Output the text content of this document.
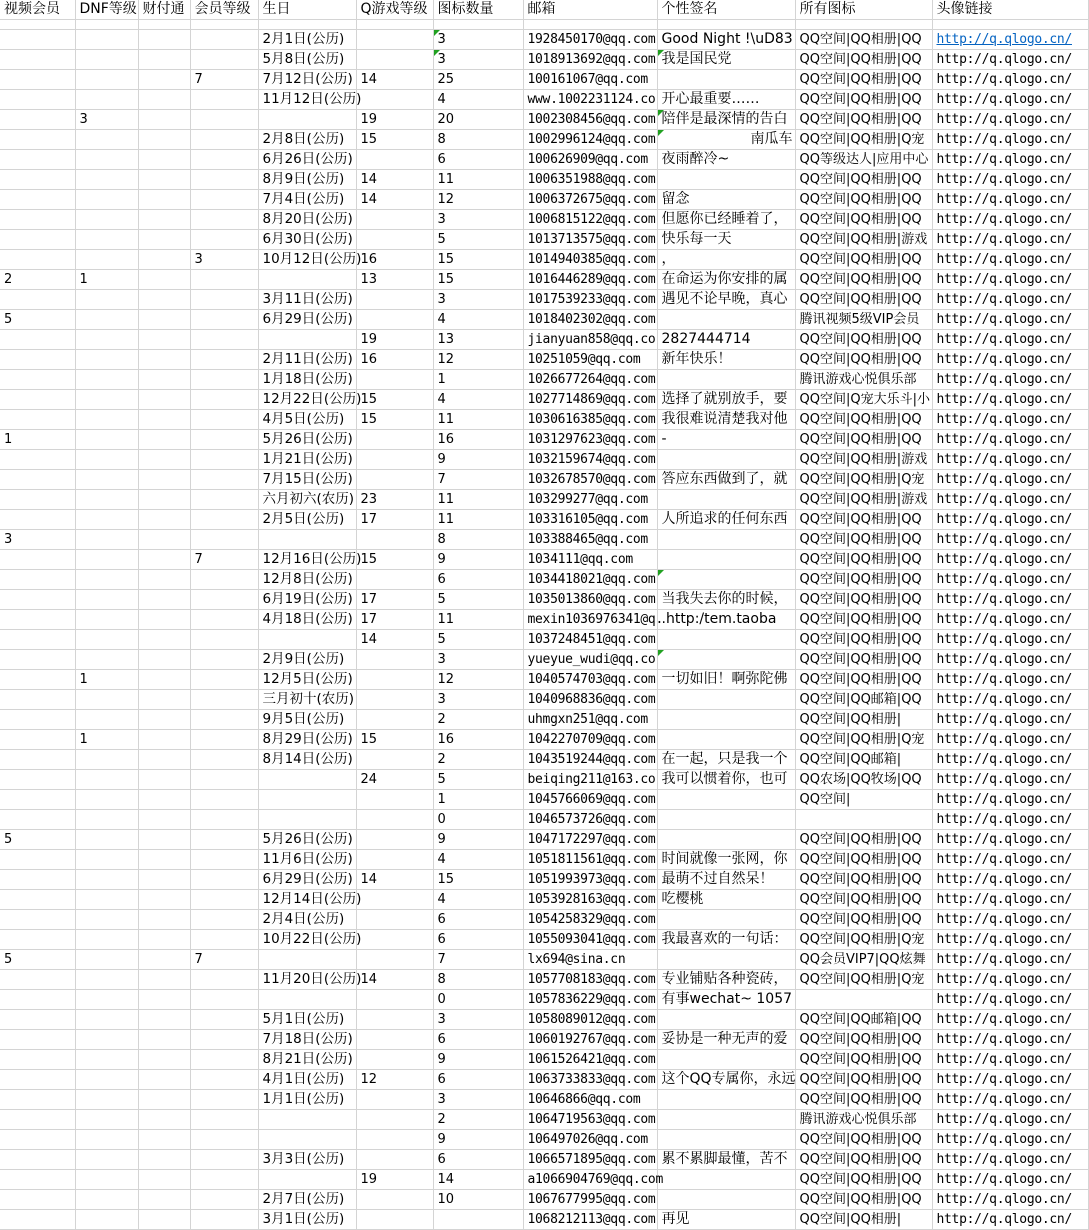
视频会员	DNF等级	财付通	会员等级	生日	Q游戏等级	图标数量	邮箱	个性签名	所有图标	头像链接

				2月1日(公历)		3	1928450170@qq.com	Good Night !\uD83	QQ空间|QQ相册|QQ	http://q.qlogo.cn/
				5月8日(公历)		3	1018913692@qq.com	我是国民党	QQ空间|QQ相册|QQ	http://q.qlogo.cn/
			7	7月12日(公历)	14	25	100161067@qq.com		QQ空间|QQ相册|QQ	http://q.qlogo.cn/
				11月12日(公历)		4	www.1002231124.co	开心最重要……	QQ空间|QQ相册|QQ	http://q.qlogo.cn/
	3				19	20	1002308456@qq.com	陪伴是最深情的告白	QQ空间|QQ相册|QQ	http://q.qlogo.cn/
				2月8日(公历)	15	8	1002996124@qq.com	南瓜车	QQ空间|QQ相册|Q宠	http://q.qlogo.cn/
				6月26日(公历)		6	100626909@qq.com	夜雨醉冷~	QQ等级达人|应用中心	http://q.qlogo.cn/
				8月9日(公历)	14	11	1006351988@qq.com		QQ空间|QQ相册|QQ	http://q.qlogo.cn/
				7月4日(公历)	14	12	1006372675@qq.com	留念	QQ空间|QQ相册|QQ	http://q.qlogo.cn/
				8月20日(公历)		3	1006815122@qq.com	但愿你已经睡着了，	QQ空间|QQ相册|QQ	http://q.qlogo.cn/
				6月30日(公历)		5	1013713575@qq.com	快乐每一天	QQ空间|QQ相册|游戏	http://q.qlogo.cn/
			3	10月12日(公历)	16	15	1014940385@qq.com	，	QQ空间|QQ相册|QQ	http://q.qlogo.cn/
2	1				13	15	1016446289@qq.com	在命运为你安排的属	QQ空间|QQ相册|QQ	http://q.qlogo.cn/
				3月11日(公历)		3	1017539233@qq.com	遇见不论早晚，真心	QQ空间|QQ相册|QQ	http://q.qlogo.cn/
5				6月29日(公历)		4	1018402302@qq.com		腾讯视频5级VIP会员	http://q.qlogo.cn/
					19	13	jianyuan858@qq.co	2827444714	QQ空间|QQ相册|QQ	http://q.qlogo.cn/
				2月11日(公历)	16	12	10251059@qq.com	新年快乐！	QQ空间|QQ相册|QQ	http://q.qlogo.cn/
				1月18日(公历)		1	1026677264@qq.com		腾讯游戏心悦俱乐部	http://q.qlogo.cn/
				12月22日(公历)	15	4	1027714869@qq.com	选择了就别放手，要	QQ空间|Q宠大乐斗|小	http://q.qlogo.cn/
				4月5日(公历)	15	11	1030616385@qq.com	我很难说清楚我对他	QQ空间|QQ相册|QQ	http://q.qlogo.cn/
1				5月26日(公历)		16	1031297623@qq.com	-	QQ空间|QQ相册|QQ	http://q.qlogo.cn/
				1月21日(公历)		9	1032159674@qq.com		QQ空间|QQ相册|游戏	http://q.qlogo.cn/
				7月15日(公历)		7	1032678570@qq.com	答应东西做到了，就	QQ空间|QQ相册|Q宠	http://q.qlogo.cn/
				六月初六(农历)	23	11	103299277@qq.com		QQ空间|QQ相册|游戏	http://q.qlogo.cn/
				2月5日(公历)	17	11	103316105@qq.com	人所追求的任何东西	QQ空间|QQ相册|QQ	http://q.qlogo.cn/
3						8	103388465@qq.com		QQ空间|QQ相册|QQ	http://q.qlogo.cn/
			7	12月16日(公历)	15	9	1034111@qq.com		QQ空间|QQ相册|QQ	http://q.qlogo.cn/
				12月8日(公历)		6	1034418021@qq.com		QQ空间|QQ相册|QQ	http://q.qlogo.cn/
				6月19日(公历)	17	5	1035013860@qq.com	当我失去你的时候，	QQ空间|QQ相册|QQ	http://q.qlogo.cn/
				4月18日(公历)	17	11	mexin1036976341@q.	.http:/tem.taoba	QQ空间|QQ相册|QQ	http://q.qlogo.cn/
					14	5	1037248451@qq.com		QQ空间|QQ相册|QQ	http://q.qlogo.cn/
				2月9日(公历)		3	yueyue_wudi@qq.co		QQ空间|QQ相册|QQ	http://q.qlogo.cn/
	1			12月5日(公历)		12	1040574703@qq.com	一切如旧！啊弥陀佛	QQ空间|QQ相册|QQ	http://q.qlogo.cn/
				三月初十(农历)		3	1040968836@qq.com		QQ空间|QQ邮箱|QQ	http://q.qlogo.cn/
				9月5日(公历)		2	uhmgxn251@qq.com		QQ空间|QQ相册|	http://q.qlogo.cn/
	1			8月29日(公历)	15	16	1042270709@qq.com		QQ空间|QQ相册|Q宠	http://q.qlogo.cn/
				8月14日(公历)		2	1043519244@qq.com	在一起，只是我一个	QQ空间|QQ邮箱|	http://q.qlogo.cn/
					24	5	beiqing211@163.co	我可以惯着你，也可	QQ农场|QQ牧场|QQ	http://q.qlogo.cn/
						1	1045766069@qq.com		QQ空间|	http://q.qlogo.cn/
						0	1046573726@qq.com			http://q.qlogo.cn/
5				5月26日(公历)		9	1047172297@qq.com		QQ空间|QQ相册|QQ	http://q.qlogo.cn/
				11月6日(公历)		4	1051811561@qq.com	时间就像一张网，你	QQ空间|QQ相册|QQ	http://q.qlogo.cn/
				6月29日(公历)	14	15	1051993973@qq.com	最萌不过自然呆！	QQ空间|QQ相册|QQ	http://q.qlogo.cn/
				12月14日(公历)		4	1053928163@qq.com	吃樱桃	QQ空间|QQ相册|QQ	http://q.qlogo.cn/
				2月4日(公历)		6	1054258329@qq.com		QQ空间|QQ相册|QQ	http://q.qlogo.cn/
				10月22日(公历)		6	1055093041@qq.com	我最喜欢的一句话：	QQ空间|QQ相册|Q宠	http://q.qlogo.cn/
5			7			7	lx694@sina.cn		QQ会员VIP7|QQ炫舞	http://q.qlogo.cn/
				11月20日(公历)	14	8	1057708183@qq.com	专业铺贴各种瓷砖，	QQ空间|QQ相册|Q宠	http://q.qlogo.cn/
						0	1057836229@qq.com	有事wechat~ 1057		http://q.qlogo.cn/
				5月1日(公历)		3	1058089012@qq.com		QQ空间|QQ邮箱|QQ	http://q.qlogo.cn/
				7月18日(公历)		6	1060192767@qq.com	妥协是一种无声的爱	QQ空间|QQ相册|QQ	http://q.qlogo.cn/
				8月21日(公历)		9	1061526421@qq.com		QQ空间|QQ相册|QQ	http://q.qlogo.cn/
				4月1日(公历)	12	6	1063733833@qq.com	这个QQ专属你，永远	QQ空间|QQ相册|QQ	http://q.qlogo.cn/
				1月1日(公历)		3	10646866@qq.com		QQ空间|QQ相册|QQ	http://q.qlogo.cn/
						2	1064719563@qq.com		腾讯游戏心悦俱乐部	http://q.qlogo.cn/
						9	106497026@qq.com		QQ空间|QQ相册|QQ	http://q.qlogo.cn/
				3月3日(公历)		6	1066571895@qq.com	累不累脚最懂，苦不	QQ空间|QQ相册|QQ	http://q.qlogo.cn/
					19	14	a1066904769@qq.com		QQ空间|QQ相册|QQ	http://q.qlogo.cn/
				2月7日(公历)		10	1067677995@qq.com		QQ空间|QQ相册|QQ	http://q.qlogo.cn/
				3月1日(公历)			1068212113@qq.com	再见	QQ空间|QQ相册|	http://q.qlogo.cn/
